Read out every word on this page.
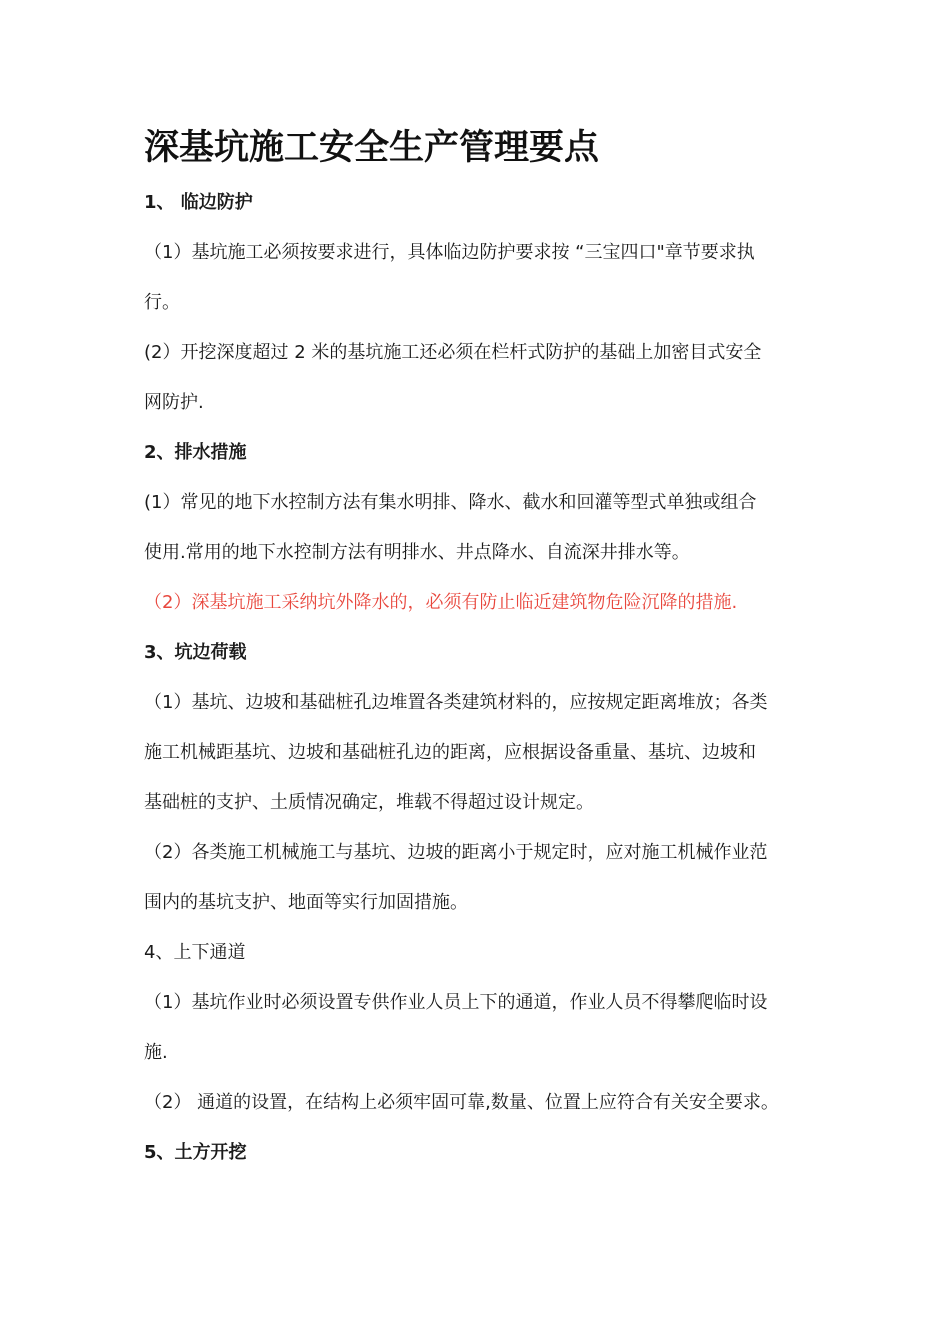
深基坑施工安全生产管理要点

1、 临边防护

（1）基坑施工必须按要求进行，具体临边防护要求按 “三宝四口"章节要求执

行。

(2）开挖深度超过 2 米的基坑施工还必须在栏杆式防护的基础上加密目式安全

网防护.

2、排水措施

(1）常见的地下水控制方法有集水明排、降水、截水和回灌等型式单独或组合

使用.常用的地下水控制方法有明排水、井点降水、自流深井排水等。

（2）深基坑施工采纳坑外降水的，必须有防止临近建筑物危险沉降的措施.

3、坑边荷载

（1）基坑、边坡和基础桩孔边堆置各类建筑材料的，应按规定距离堆放；各类

施工机械距基坑、边坡和基础桩孔边的距离，应根据设备重量、基坑、边坡和

基础桩的支护、土质情况确定，堆载不得超过设计规定。

（2）各类施工机械施工与基坑、边坡的距离小于规定时，应对施工机械作业范

围内的基坑支护、地面等实行加固措施。

4、上下通道

（1）基坑作业时必须设置专供作业人员上下的通道，作业人员不得攀爬临时设

施.

（2） 通道的设置，在结构上必须牢固可靠,数量、位置上应符合有关安全要求。

5、土方开挖
